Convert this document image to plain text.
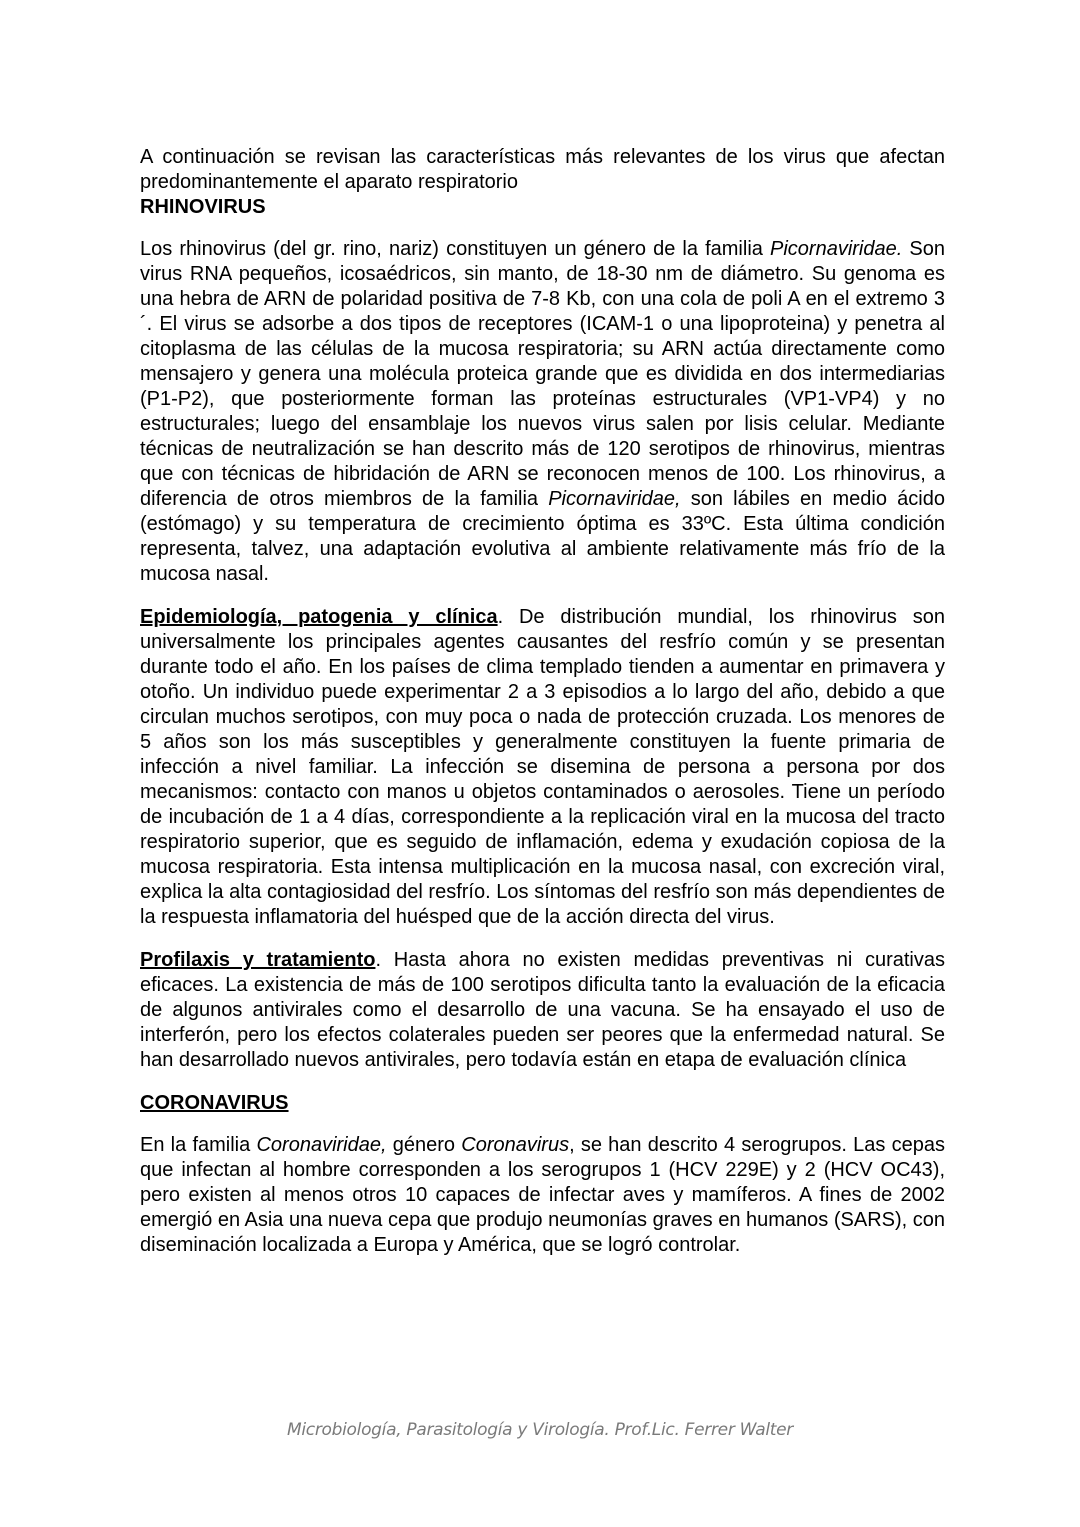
A continuación se revisan las características más relevantes de los virus que afectan predominantemente el aparato respiratorio

RHINOVIRUS

Los rhinovirus (del gr. rino, nariz) constituyen un género de la familia Picornaviridae. Son virus RNA pequeños, icosaédricos, sin manto, de 18-30 nm de diámetro. Su genoma es una hebra de ARN de polaridad positiva de 7-8 Kb, con una cola de poli A en el extremo 3´. El virus se adsorbe a dos tipos de receptores (ICAM-1 o una lipoproteina) y penetra al citoplasma de las células de la mucosa respiratoria; su ARN actúa directamente como mensajero y genera una molécula proteica grande que es dividida en dos intermediarias (P1-P2), que posteriormente forman las proteínas estructurales (VP1-VP4) y no estructurales; luego del ensamblaje los nuevos virus salen por lisis celular. Mediante técnicas de neutralización se han descrito más de 120 serotipos de rhinovirus, mientras que con técnicas de hibridación de ARN se reconocen menos de 100. Los rhinovirus, a diferencia de otros miembros de la familia Picornaviridae, son lábiles en medio ácido (estómago) y su temperatura de crecimiento óptima es 33ºC. Esta última condición representa, talvez, una adaptación evolutiva al ambiente relativamente más frío de la mucosa nasal.

Epidemiología, patogenia y clínica. De distribución mundial, los rhinovirus son universalmente los principales agentes causantes del resfrío común y se presentan durante todo el año. En los países de clima templado tienden a aumentar en primavera y otoño. Un individuo puede experimentar 2 a 3 episodios a lo largo del año, debido a que circulan muchos serotipos, con muy poca o nada de protección cruzada. Los menores de 5 años son los más susceptibles y generalmente constituyen la fuente primaria de infección a nivel familiar. La infección se disemina de persona a persona por dos mecanismos: contacto con manos u objetos contaminados o aerosoles. Tiene un período de incubación de 1 a 4 días, correspondiente a la replicación viral en la mucosa del tracto respiratorio superior, que es seguido de inflamación, edema y exudación copiosa de la mucosa respiratoria. Esta intensa multiplicación en la mucosa nasal, con excreción viral, explica la alta contagiosidad del resfrío. Los síntomas del resfrío son más dependientes de la respuesta inflamatoria del huésped que de la acción directa del virus.

Profilaxis y tratamiento. Hasta ahora no existen medidas preventivas ni curativas eficaces. La existencia de más de 100 serotipos dificulta tanto la evaluación de la eficacia de algunos antivirales como el desarrollo de una vacuna. Se ha ensayado el uso de interferón, pero los efectos colaterales pueden ser peores que la enfermedad natural. Se han desarrollado nuevos antivirales, pero todavía están en etapa de evaluación clínica

CORONAVIRUS

En la familia Coronaviridae, género Coronavirus, se han descrito 4 serogrupos. Las cepas que infectan al hombre corresponden a los serogrupos 1 (HCV 229E) y 2 (HCV OC43), pero existen al menos otros 10 capaces de infectar aves y mamíferos. A fines de 2002 emergió en Asia una nueva cepa que produjo neumonías graves en humanos (SARS), con diseminación localizada a Europa y América, que se logró controlar.

Microbiología, Parasitología y Virología. Prof.Lic. Ferrer Walter
